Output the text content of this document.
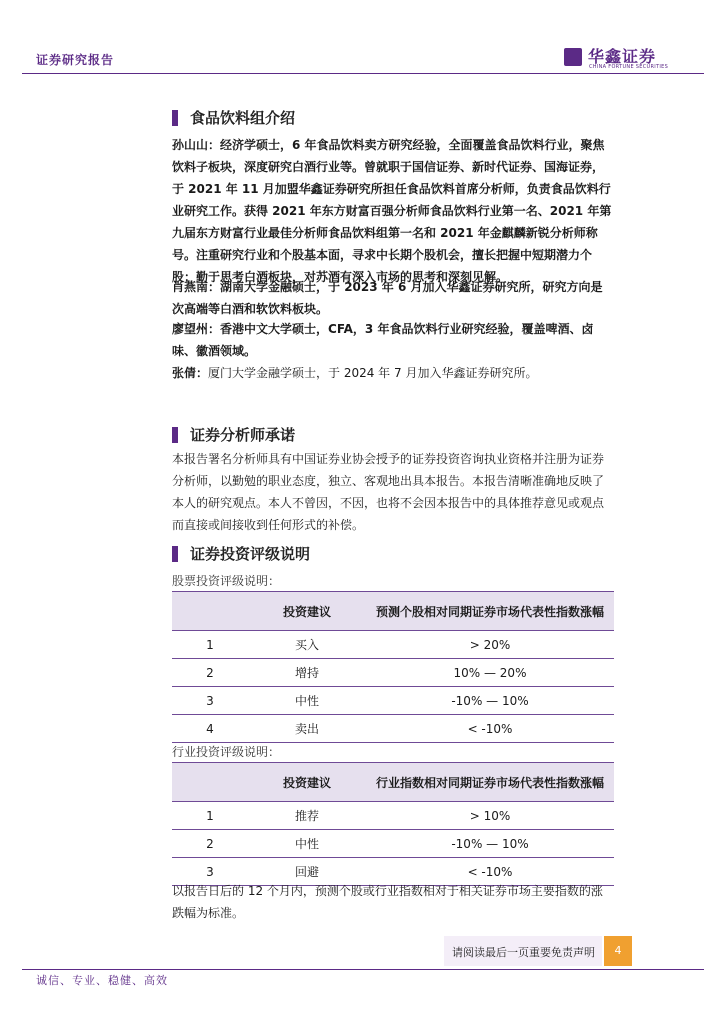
证券研究报告	华鑫证券
CHINA FORTUNE SECURITIES
食品饮料组介绍
孙山山：经济学硕士，6 年食品饮料卖方研究经验，全面覆盖食品饮料行业，聚焦饮料子板块，深度研究白酒行业等。曾就职于国信证券、新时代证券、国海证券，于 2021 年 11 月加盟华鑫证券研究所担任食品饮料首席分析师，负责食品饮料行业研究工作。获得 2021 年东方财富百强分析师食品饮料行业第一名、2021 年第九届东方财富行业最佳分析师食品饮料组第一名和 2021 年金麒麟新锐分析师称号。注重研究行业和个股基本面，寻求中长期个股机会，擅长把握中短期潜力个股；勤于思考白酒板块，对苏酒有深入市场的思考和深刻见解。
肖燕南：湖南大学金融硕士，于 2023 年 6 月加入华鑫证券研究所，研究方向是次高端等白酒和软饮料板块。
廖望州：香港中文大学硕士，CFA，3 年食品饮料行业研究经验，覆盖啤酒、卤味、徽酒领域。
张倩：厦门大学金融学硕士，于 2024 年 7 月加入华鑫证券研究所。
证券分析师承诺
本报告署名分析师具有中国证券业协会授予的证券投资咨询执业资格并注册为证券分析师，以勤勉的职业态度，独立、客观地出具本报告。本报告清晰准确地反映了本人的研究观点。本人不曾因，不因，也将不会因本报告中的具体推荐意见或观点而直接或间接收到任何形式的补偿。
证券投资评级说明
股票投资评级说明：
	投资建议	预测个股相对同期证券市场代表性指数涨幅
1	买入	> 20%
2	增持	10% — 20%
3	中性	-10% — 10%
4	卖出	< -10%
行业投资评级说明：
	投资建议	行业指数相对同期证券市场代表性指数涨幅
1	推荐	> 10%
2	中性	-10% — 10%
3	回避	< -10%
以报告日后的 12 个月内，预测个股或行业指数相对于相关证券市场主要指数的涨跌幅为标准。
请阅读最后一页重要免责声明	4
诚信、专业、稳健、高效
